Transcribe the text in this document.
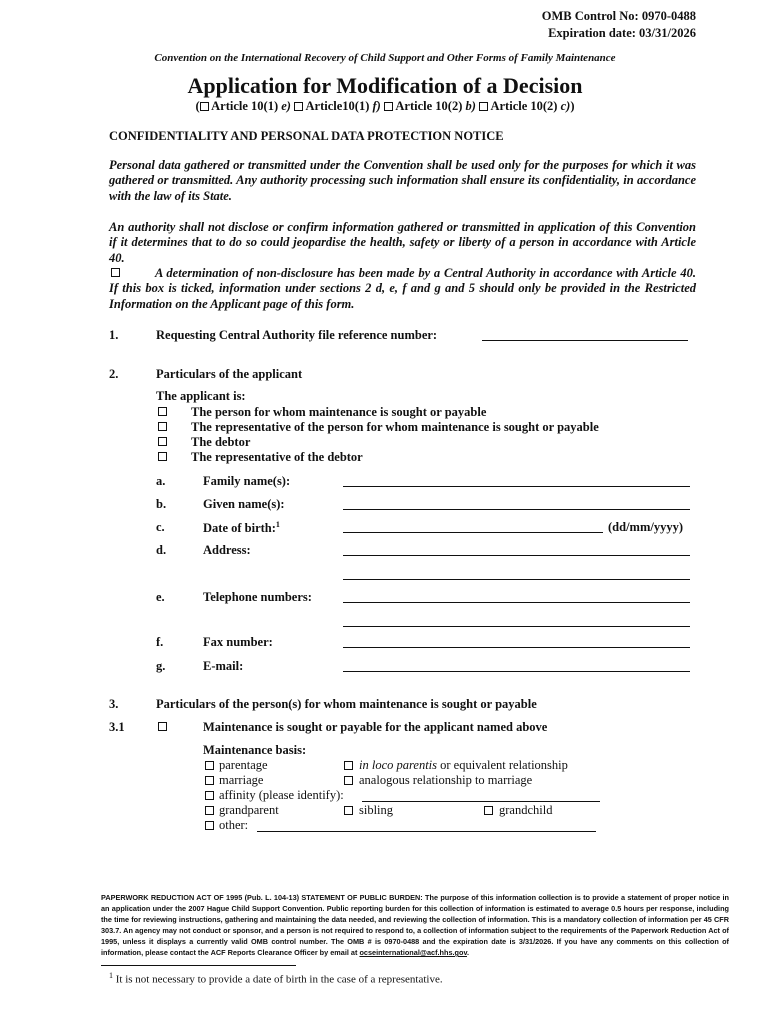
OMB Control No: 0970-0488
Expiration date: 03/31/2026
Convention on the International Recovery of Child Support and Other Forms of Family Maintenance
Application for Modification of a Decision
( Article 10(1) e) Article10(1) f) Article 10(2) b) Article 10(2) c))
CONFIDENTIALITY AND PERSONAL DATA PROTECTION NOTICE
Personal data gathered or transmitted under the Convention shall be used only for the purposes for which it was gathered or transmitted. Any authority processing such information shall ensure its confidentiality, in accordance with the law of its State.
An authority shall not disclose or confirm information gathered or transmitted in application of this Convention if it determines that to do so could jeopardise the health, safety or liberty of a person in accordance with Article 40.
A determination of non-disclosure has been made by a Central Authority in accordance with Article 40. If this box is ticked, information under sections 2 d, e, f and g and 5 should only be provided in the Restricted Information on the Applicant page of this form.
1.	Requesting Central Authority file reference number:
2.	Particulars of the applicant
The applicant is:
The person for whom maintenance is sought or payable
The representative of the person for whom maintenance is sought or payable
The debtor
The representative of the debtor
a.	Family name(s):
b.	Given name(s):
c.	Date of birth:$^1$	(dd/mm/yyyy)
d.	Address:
e.	Telephone numbers:
f.	Fax number:
g.	E-mail:
3.	Particulars of the person(s) for whom maintenance is sought or payable
3.1	Maintenance is sought or payable for the applicant named above
Maintenance basis:
parentage	in loco parentis or equivalent relationship
marriage	analogous relationship to marriage
affinity (please identify):
grandparent	sibling	grandchild
other:
PAPERWORK REDUCTION ACT OF 1995 (Pub. L. 104-13) STATEMENT OF PUBLIC BURDEN: The purpose of this information collection is to provide a statement of proper notice in an application under the 2007 Hague Child Support Convention. Public reporting burden for this collection of information is estimated to average 0.5 hours per response, including the time for reviewing instructions, gathering and maintaining the data needed, and reviewing the collection of information. This is a mandatory collection of information per 45 CFR 303.7. An agency may not conduct or sponsor, and a person is not required to respond to, a collection of information subject to the requirements of the Paperwork Reduction Act of 1995, unless it displays a currently valid OMB control number. The OMB # is 0970-0488 and the expiration date is 3/31/2026. If you have any comments on this collection of information, please contact the ACF Reports Clearance Officer by email at ocseinternational@acf.hhs.gov.
$^1$ It is not necessary to provide a date of birth in the case of a representative.
